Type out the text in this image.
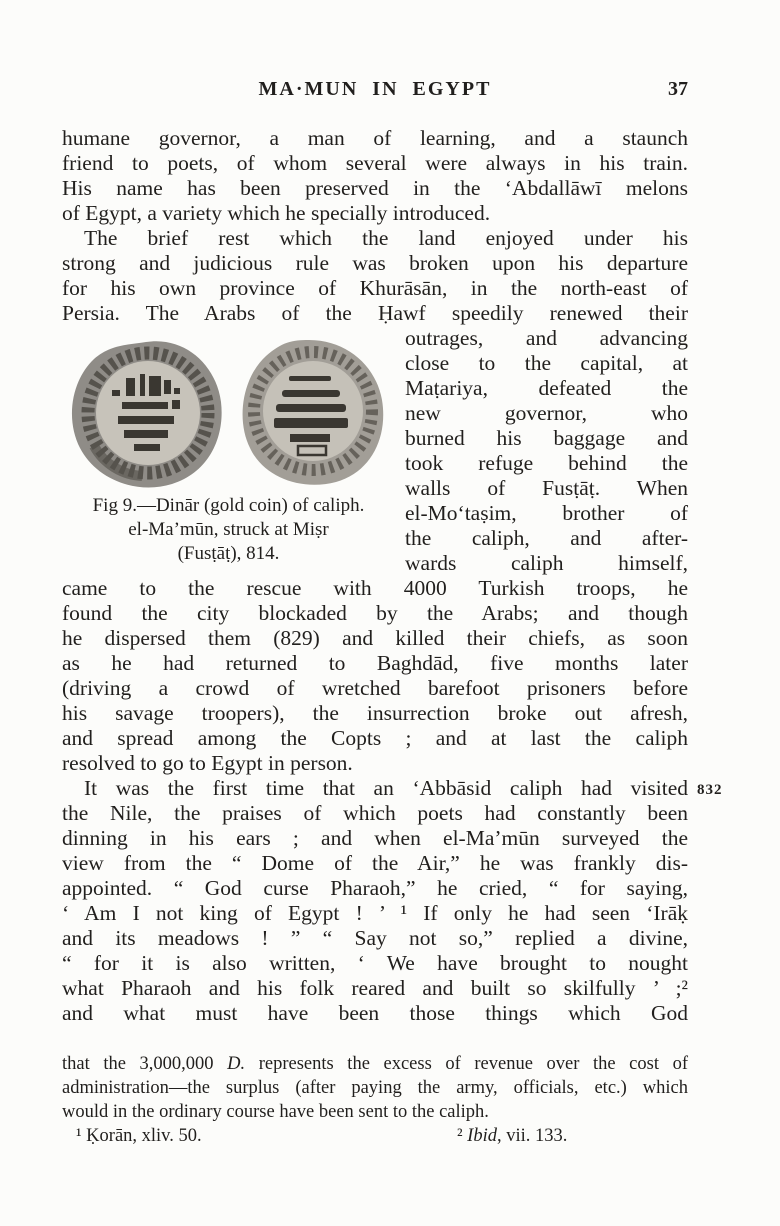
MA·MUN IN EGYPT	37
humane governor, a man of learning, and a staunch
friend to poets, of whom several were always in his train.
His name has been preserved in the ‘Abdallāwī melons
of Egypt, a variety which he specially introduced.
The brief rest which the land enjoyed under his
strong and judicious rule was broken upon his departure
for his own province of Khurāsān, in the north-east of
Persia. The Arabs of the Ḥawf speedily renewed their
Fig 9.—Dinār (gold coin) of caliph.
el-Ma’mūn, struck at Miṣr
(Fusṭāṭ), 814.
outrages, and advancing
close to the capital, at
Maṭariya, defeated the
new governor, who
burned his baggage and
took refuge behind the
walls of Fusṭāṭ. When
el-Mo‘taṣim, brother of
the caliph, and after-
wards caliph himself,
came to the rescue with 4000 Turkish troops, he
found the city blockaded by the Arabs; and though
he dispersed them (829) and killed their chiefs, as soon
as he had returned to Baghdād, five months later
(driving a crowd of wretched barefoot prisoners before
his savage troopers), the insurrection broke out afresh,
and spread among the Copts ; and at last the caliph
resolved to go to Egypt in person.
It was the first time that an ‘Abbāsid caliph had visited
the Nile, the praises of which poets had constantly been
dinning in his ears ; and when el-Ma’mūn surveyed the
view from the “ Dome of the Air,” he was frankly dis-
appointed. “ God curse Pharaoh,” he cried, “ for saying,
‘ Am I not king of Egypt ! ’ ¹ If only he had seen ‘Irāḳ
and its meadows ! ” “ Say not so,” replied a divine,
“ for it is also written, ‘ We have brought to nought
what Pharaoh and his folk reared and built so skilfully ’ ;²
and what must have been those things which God
that the 3,000,000 D. represents the excess of revenue over the cost of
administration—the surplus (after paying the army, officials, etc.) which
would in the ordinary course have been sent to the caliph.
¹ Ḳorān, xliv. 50.	² Ibid, vii. 133.
832
